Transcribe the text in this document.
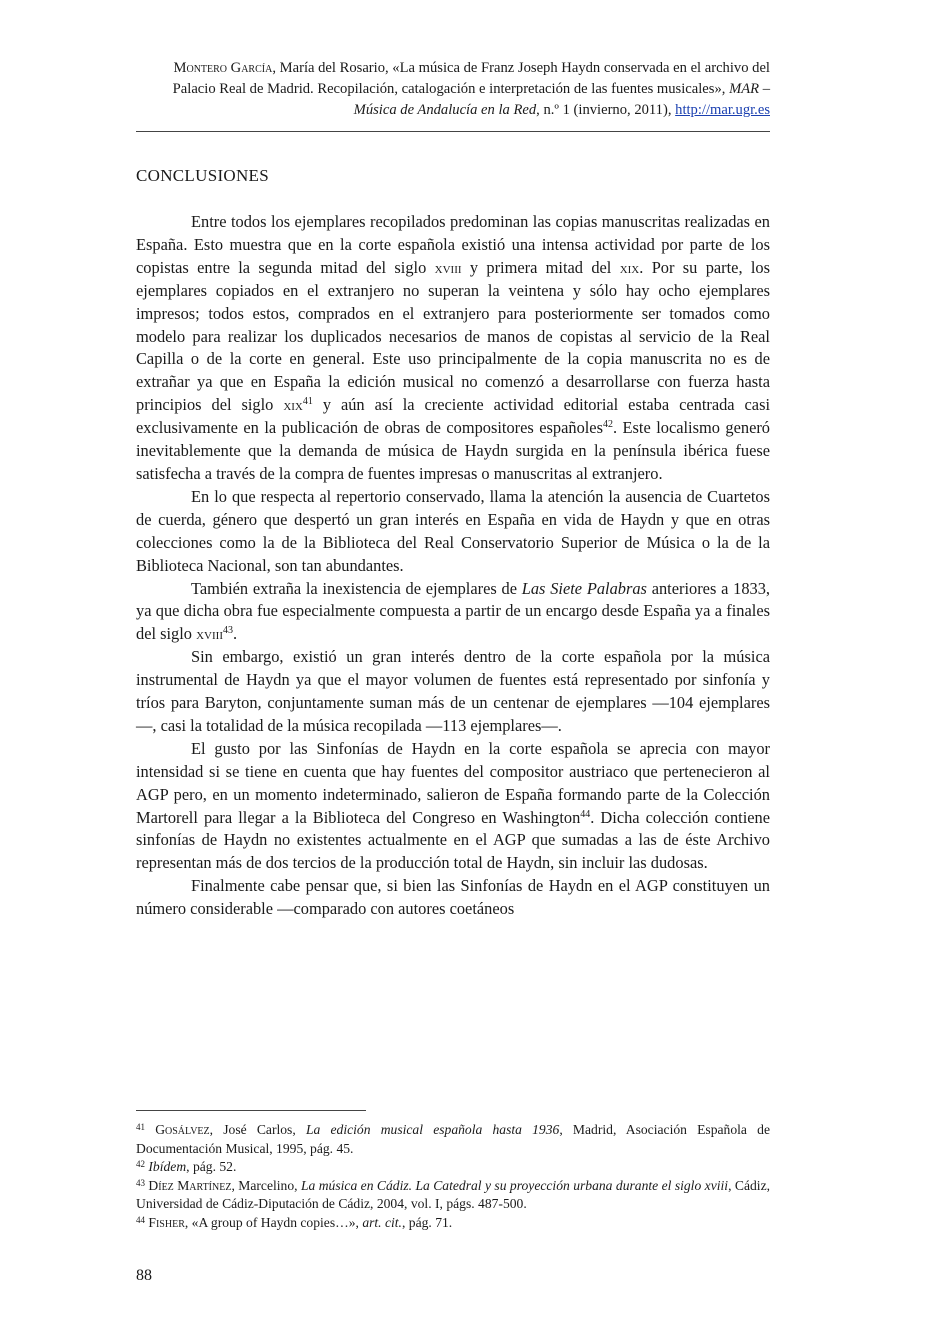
Montero García, María del Rosario, «La música de Franz Joseph Haydn conservada en el archivo del Palacio Real de Madrid. Recopilación, catalogación e interpretación de las fuentes musicales», MAR – Música de Andalucía en la Red, n.º 1 (invierno, 2011), http://mar.ugr.es
CONCLUSIONES

Entre todos los ejemplares recopilados predominan las copias manuscritas realizadas en España. Esto muestra que en la corte española existió una intensa actividad por parte de los copistas entre la segunda mitad del siglo xviii y primera mitad del xix. Por su parte, los ejemplares copiados en el extranjero no superan la veintena y sólo hay ocho ejemplares impresos; todos estos, comprados en el extranjero para posteriormente ser tomados como modelo para realizar los duplicados necesarios de manos de copistas al servicio de la Real Capilla o de la corte en general. Este uso principalmente de la copia manuscrita no es de extrañar ya que en España la edición musical no comenzó a desarrollarse con fuerza hasta principios del siglo xix$^{41}$ y aún así la creciente actividad editorial estaba centrada casi exclusivamente en la publicación de obras de compositores españoles$^{42}$. Este localismo generó inevitablemente que la demanda de música de Haydn surgida en la península ibérica fuese satisfecha a través de la compra de fuentes impresas o manuscritas al extranjero.

En lo que respecta al repertorio conservado, llama la atención la ausencia de Cuartetos de cuerda, género que despertó un gran interés en España en vida de Haydn y que en otras colecciones como la de la Biblioteca del Real Conservatorio Superior de Música o la de la Biblioteca Nacional, son tan abundantes.

También extraña la inexistencia de ejemplares de Las Siete Palabras anteriores a 1833, ya que dicha obra fue especialmente compuesta a partir de un encargo desde España ya a finales del siglo xviii$^{43}$.

Sin embargo, existió un gran interés dentro de la corte española por la música instrumental de Haydn ya que el mayor volumen de fuentes está representado por sinfonía y tríos para Baryton, conjuntamente suman más de un centenar de ejemplares —104 ejemplares—, casi la totalidad de la música recopilada —113 ejemplares—.

El gusto por las Sinfonías de Haydn en la corte española se aprecia con mayor intensidad si se tiene en cuenta que hay fuentes del compositor austriaco que pertenecieron al AGP pero, en un momento indeterminado, salieron de España formando parte de la Colección Martorell para llegar a la Biblioteca del Congreso en Washington$^{44}$. Dicha colección contiene sinfonías de Haydn no existentes actualmente en el AGP que sumadas a las de éste Archivo representan más de dos tercios de la producción total de Haydn, sin incluir las dudosas.

Finalmente cabe pensar que, si bien las Sinfonías de Haydn en el AGP constituyen un número considerable —comparado con autores coetáneos

$^{41}$ Gosálvez, José Carlos, La edición musical española hasta 1936, Madrid, Asociación Española de Documentación Musical, 1995, pág. 45.

$^{42}$ Ibídem, pág. 52.

$^{43}$ Díez Martínez, Marcelino, La música en Cádiz. La Catedral y su proyección urbana durante el siglo xviii, Cádiz, Universidad de Cádiz-Diputación de Cádiz, 2004, vol. I, págs. 487-500.

$^{44}$ Fisher, «A group of Haydn copies…», art. cit., pág. 71.

88
